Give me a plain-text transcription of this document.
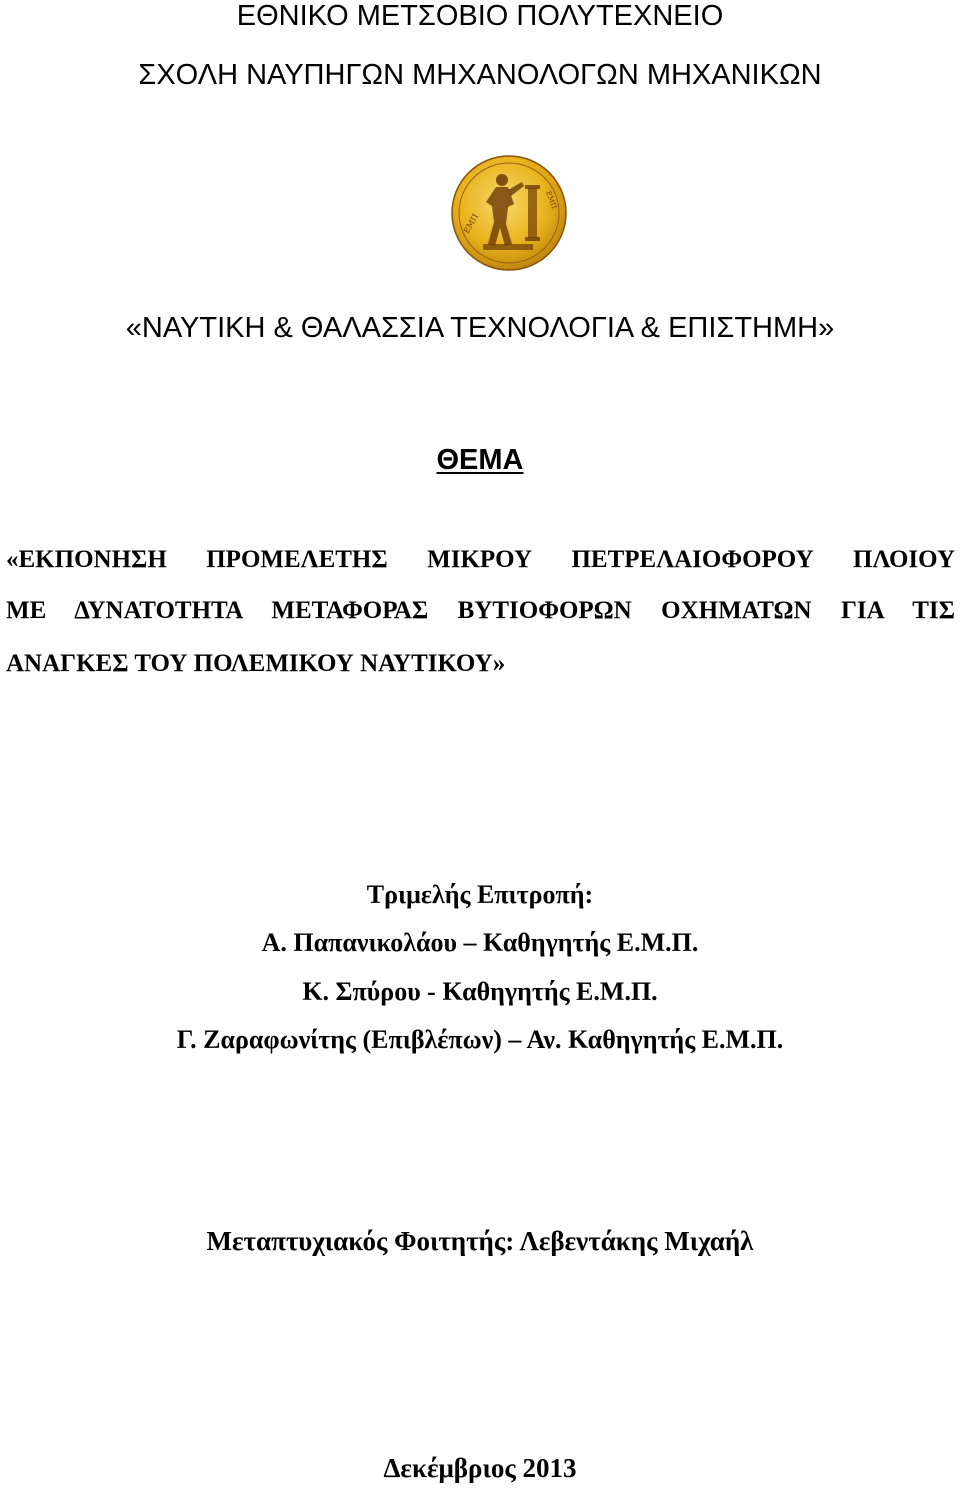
ΕΘΝΙΚΟ ΜΕΤΣΟΒΙΟ ΠΟΛΥΤΕΧΝΕΙΟ
ΣΧΟΛΗ ΝΑΥΠΗΓΩΝ ΜΗΧΑΝΟΛΟΓΩΝ ΜΗΧΑΝΙΚΩΝ
ΕΜΠ
ΕΜΠ
«ΝΑΥΤΙΚΗ & ΘΑΛΑΣΣΙΑ ΤΕΧΝΟΛΟΓΙΑ & ΕΠΙΣΤΗΜΗ»
ΘΕΜΑ
«ΕΚΠΟΝΗΣΗ ΠΡΟΜΕΛΕΤΗΣ ΜΙΚΡΟΥ ΠΕΤΡΕΛΑΙΟΦΟΡΟΥ ΠΛΟΙΟΥ
ΜΕ ΔΥΝΑΤΟΤΗΤΑ ΜΕΤΑΦΟΡΑΣ ΒΥΤΙΟΦΟΡΩΝ ΟΧΗΜΑΤΩΝ ΓΙΑ ΤΙΣ
ΑΝΑΓΚΕΣ ΤΟΥ ΠΟΛΕΜΙΚΟΥ ΝΑΥΤΙΚΟΥ»
Τριμελής Επιτροπή:
Α. Παπανικολάου – Καθηγητής Ε.Μ.Π.
Κ. Σπύρου - Καθηγητής Ε.Μ.Π.
Γ. Ζαραφωνίτης (Επιβλέπων) – Αν. Καθηγητής Ε.Μ.Π.
Μεταπτυχιακός Φοιτητής: Λεβεντάκης Μιχαήλ
Δεκέμβριος 2013
